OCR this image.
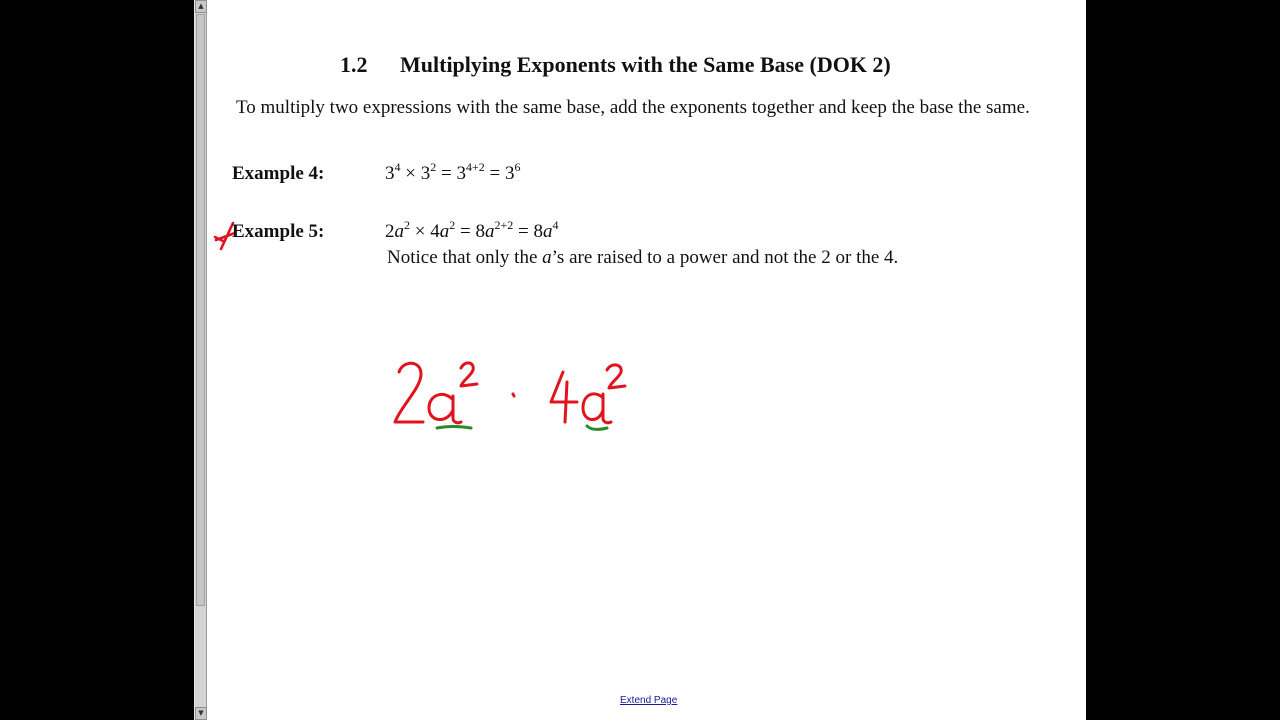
▲
▼
1.2 Multiplying Exponents with the Same Base (DOK 2)
To multiply two expressions with the same base, add the exponents together and keep the base the same.
Example 4:	$3^4 \times 3^2 = 3^{4+2} = 3^6$
Example 5:	$2a^2 \times 4a^2 = 8a^{2+2} = 8a^4$
Notice that only the a’s are raised to a power and not the 2 or the 4.
Extend Page
